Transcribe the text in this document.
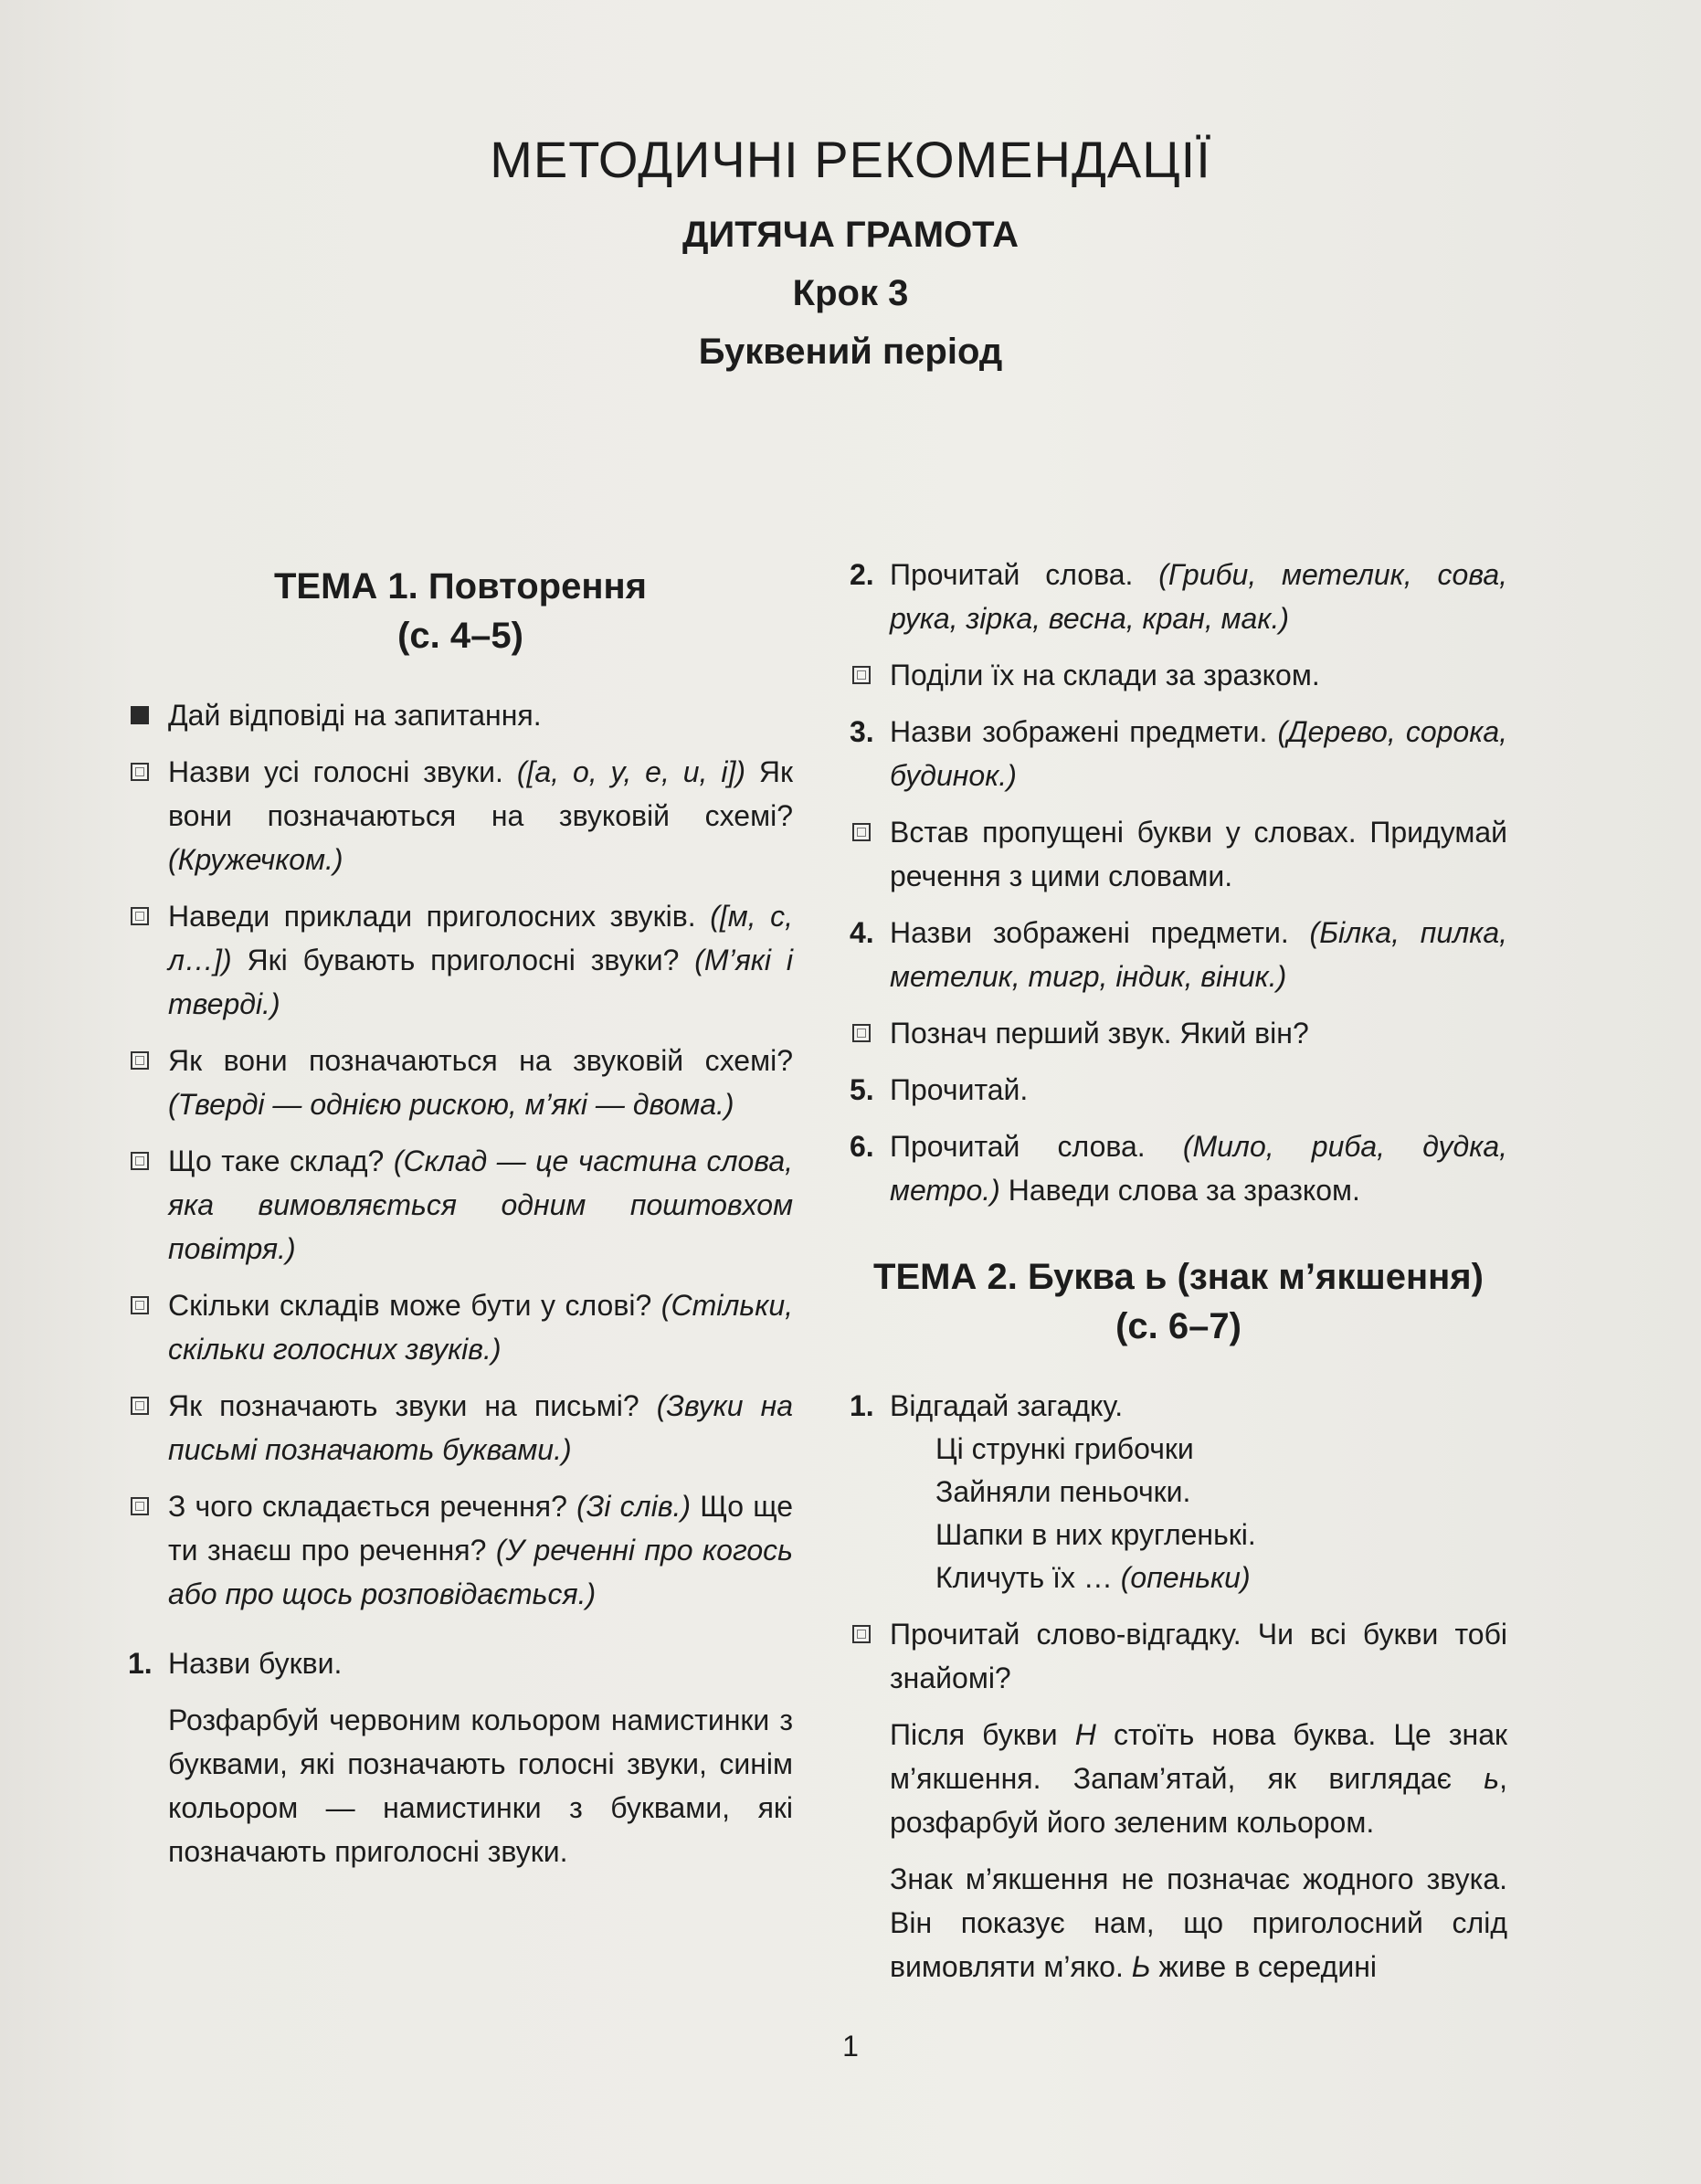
МЕТОДИЧНІ РЕКОМЕНДАЦІЇ
ДИТЯЧА ГРАМОТА
Крок 3
Буквений період
ТЕМА 1. Повторення
(с. 4–5)
Дай відповіді на запитання.
Назви усі голосні звуки. ([а, о, у, е, и, і]) Як вони позначаються на звуковій схемі? (Кружечком.)
Наведи приклади приголосних звуків. ([м, с, л…]) Які бувають приголосні звуки? (М’які і тверді.)
Як вони позначаються на звуковій схемі? (Тверді — однією рискою, м’які — двома.)
Що таке склад? (Склад — це частина слова, яка вимовляється одним поштовхом повітря.)
Скільки складів може бути у слові? (Стільки, скільки голосних звуків.)
Як позначають звуки на письмі? (Звуки на письмі позначають буквами.)
З чого складається речення? (Зі слів.) Що ще ти знаєш про речення? (У реченні про когось або про щось розповідається.)
1. Назви букви.
Розфарбуй червоним кольором намистинки з буквами, які позначають голосні звуки, синім кольором — намистинки з буквами, які позначають приголосні звуки.
2. Прочитай слова. (Гриби, метелик, сова, рука, зірка, весна, кран, мак.)
Поділи їх на склади за зразком.
3. Назви зображені предмети. (Дерево, сорока, будинок.)
Встав пропущені букви у словах. Придумай речення з цими словами.
4. Назви зображені предмети. (Білка, пилка, метелик, тигр, індик, віник.)
Познач перший звук. Який він?
5. Прочитай.
6. Прочитай слова. (Мило, риба, дудка, метро.) Наведи слова за зразком.
ТЕМА 2. Буква ь (знак м’якшення)
(с. 6–7)
1. Відгадай загадку.
Ці стрункі грибочки
Зайняли пеньочки.
Шапки в них кругленькі.
Кличуть їх … (опеньки)
Прочитай слово-відгадку. Чи всі букви тобі знайомі?
Після букви Н стоїть нова буква. Це знак м’якшення. Запам’ятай, як виглядає ь, розфарбуй його зеленим кольором.
Знак м’якшення не позначає жодного звука. Він показує нам, що приголосний слід вимовляти м’яко. Ь живе в середині
1
